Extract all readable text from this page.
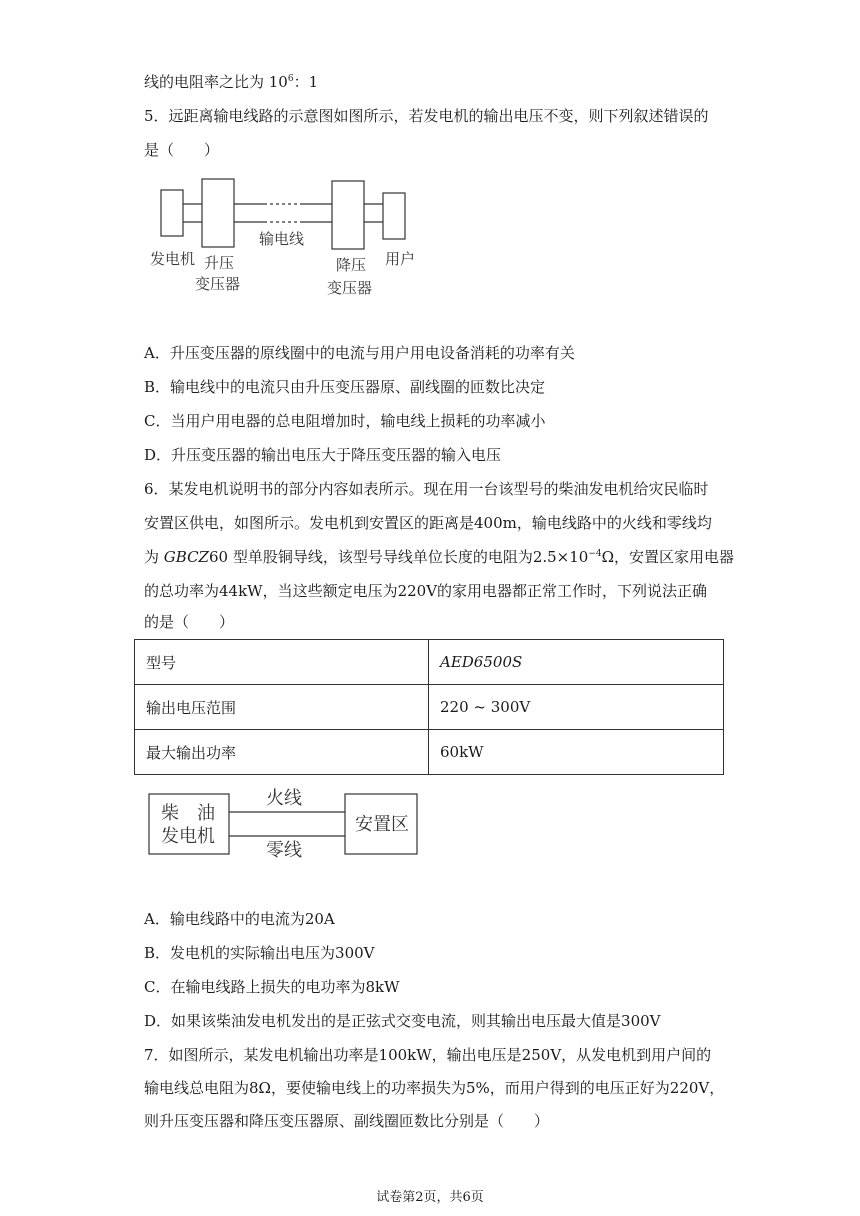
线的电阻率之比为 $10^6$：1
5．远距离输电线路的示意图如图所示，若发电机的输出电压不变，则下列叙述错误的
是（　　）
发电机 升压
变压器
输电线
降压
变压器
用户
A．升压变压器的原线圈中的电流与用户用电设备消耗的功率有关
B．输电线中的电流只由升压变压器原、副线圈的匝数比决定
C．当用户用电器的总电阻增加时，输电线上损耗的功率减小
D．升压变压器的输出电压大于降压变压器的输入电压
6．某发电机说明书的部分内容如表所示。现在用一台该型号的柴油发电机给灾民临时
安置区供电，如图所示。发电机到安置区的距离是400m，输电线路中的火线和零线均
为 GBCZ60 型单股铜导线，该型号导线单位长度的电阻为$2.5\times 10^{-4}\Omega$，安置区家用电器
的总功率为44kW，当这些额定电压为220V的家用电器都正常工作时，下列说法正确
的是（　　）
型号	AED6500S
输出电压范围	220 ~ 300V
最大输出功率	60kW
柴　油
发电机
火线
零线
安置区
A．输电线路中的电流为20A
B．发电机的实际输出电压为300V
C．在输电线路上损失的电功率为8kW
D．如果该柴油发电机发出的是正弦式交变电流，则其输出电压最大值是300V
7．如图所示，某发电机输出功率是100kW，输出电压是250V，从发电机到用户间的
输电线总电阻为8Ω，要使输电线上的功率损失为5%，而用户得到的电压正好为220V，
则升压变压器和降压变压器原、副线圈匝数比分别是（　　）
试卷第2页，共6页
